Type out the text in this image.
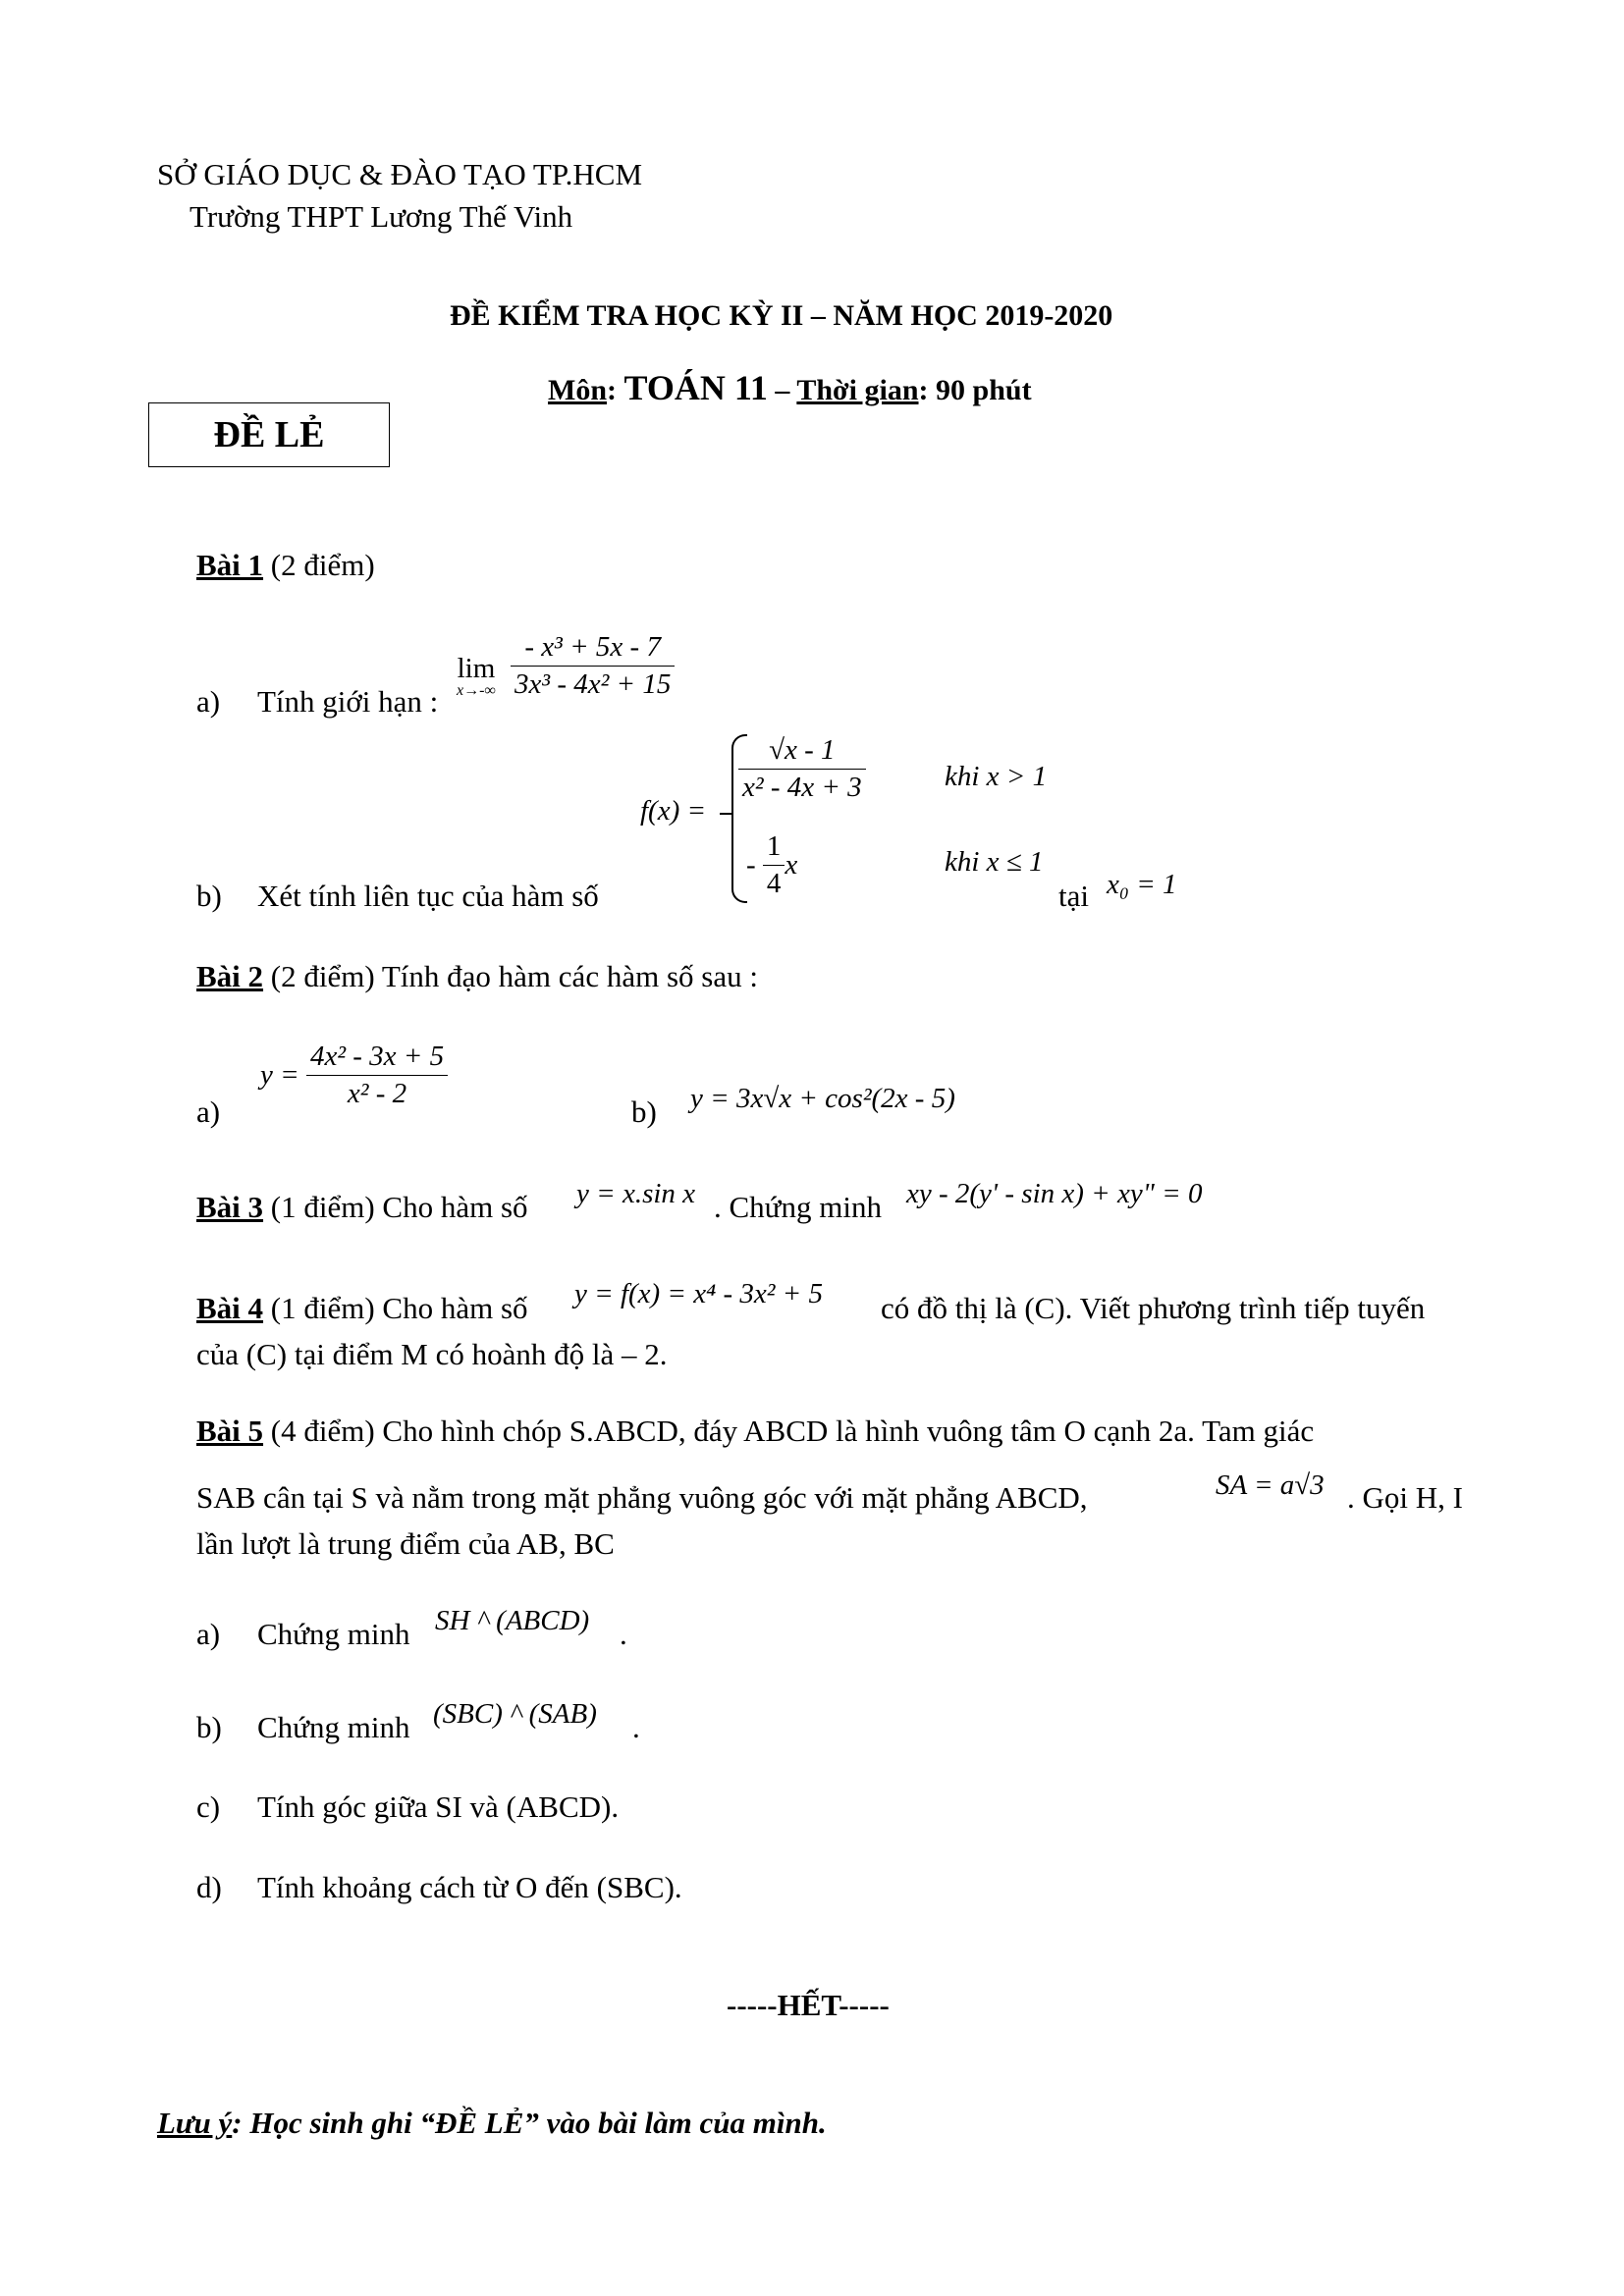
SỞ GIÁO DỤC & ĐÀO TẠO TP.HCM
Trường THPT Lương Thế Vinh
ĐỀ KIỂM TRA HỌC KỲ II – NĂM HỌC 2019-2020
Môn: TOÁN 11 – Thời gian: 90 phút
ĐỀ LẺ
Bài 1 (2 điểm)
a) Tính giới hạn :
lim
$x\to-\infty \frac{\text{- x³ + 5x - 7}}{\text{3x³ - 4x² + 15}}$
b) Xét tính liên tục của hàm số
f(x) =
$\frac{√x - 1}{\text{x² - 4x + 3}}$	khi x > 1
- $\frac{1}{4}$ x	khi x ≤ 1
tại x₀ = 1
Bài 2 (2 điểm) Tính đạo hàm các hàm số sau :
a)
$y = \frac{\text{4x² - 3x + 5}}{\text{x² - 2}}$
b) y = 3x√x + cos²(2x - 5)
Bài 3 (1 điểm) Cho hàm số y = x.sin x . Chứng minh xy - 2(y' - sin x) + xy" = 0
Bài 4 (1 điểm) Cho hàm số y = f(x) = x⁴ - 3x² + 5 có đồ thị là (C). Viết phương trình tiếp tuyến
của (C) tại điểm M có hoành độ là – 2.
Bài 5 (4 điểm) Cho hình chóp S.ABCD, đáy ABCD là hình vuông tâm O cạnh 2a. Tam giác
SAB cân tại S và nằm trong mặt phẳng vuông góc với mặt phẳng ABCD,	SA = a√3 . Gọi H, I
lần lượt là trung điểm của AB, BC
a) Chứng minh SH ^ (ABCD) .
b) Chứng minh (SBC) ^ (SAB) .
c) Tính góc giữa SI và (ABCD).
d) Tính khoảng cách từ O đến (SBC).
-----HẾT-----
Lưu ý: Học sinh ghi “ĐỀ LẺ” vào bài làm của mình.
